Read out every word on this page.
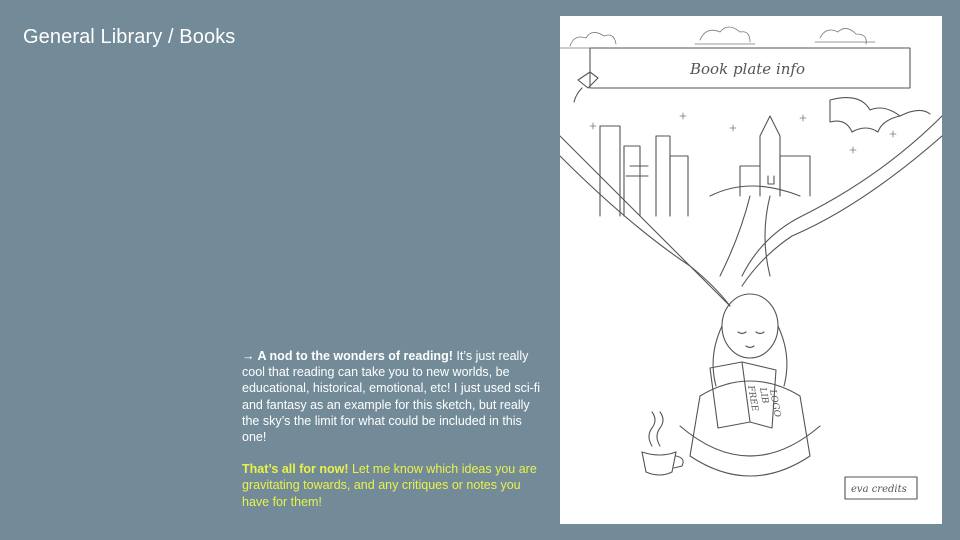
General Library / Books

→ A nod to the wonders of reading! It’s just really cool that reading can take you to new worlds, be educational, historical, emotional, etc! I just used sci-fi and fantasy as an example for this sketch, but really the sky’s the limit for what could be included in this one!

That’s all for now! Let me know which ideas you are gravitating towards, and any critiques or notes you have for them!

Book plate info
FREE
LIB
LOGO
eva credits
